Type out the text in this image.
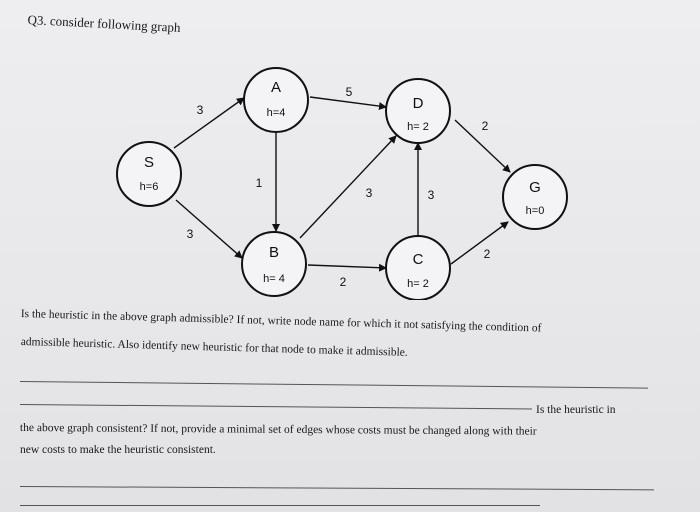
Q3. consider following graph
3
3
5
1
3
2
3
2
2
A
h=4
S
h=6
D
h= 2
B
h= 4
C
h= 2
G
h=0
Is the heuristic in the above graph admissible? If not, write node name for which it not satisfying the condition of
admissible heuristic. Also identify new heuristic for that node to make it admissible.
Is the heuristic in
the above graph consistent? If not, provide a minimal set of edges whose costs must be changed along with their
new costs to make the heuristic consistent.
